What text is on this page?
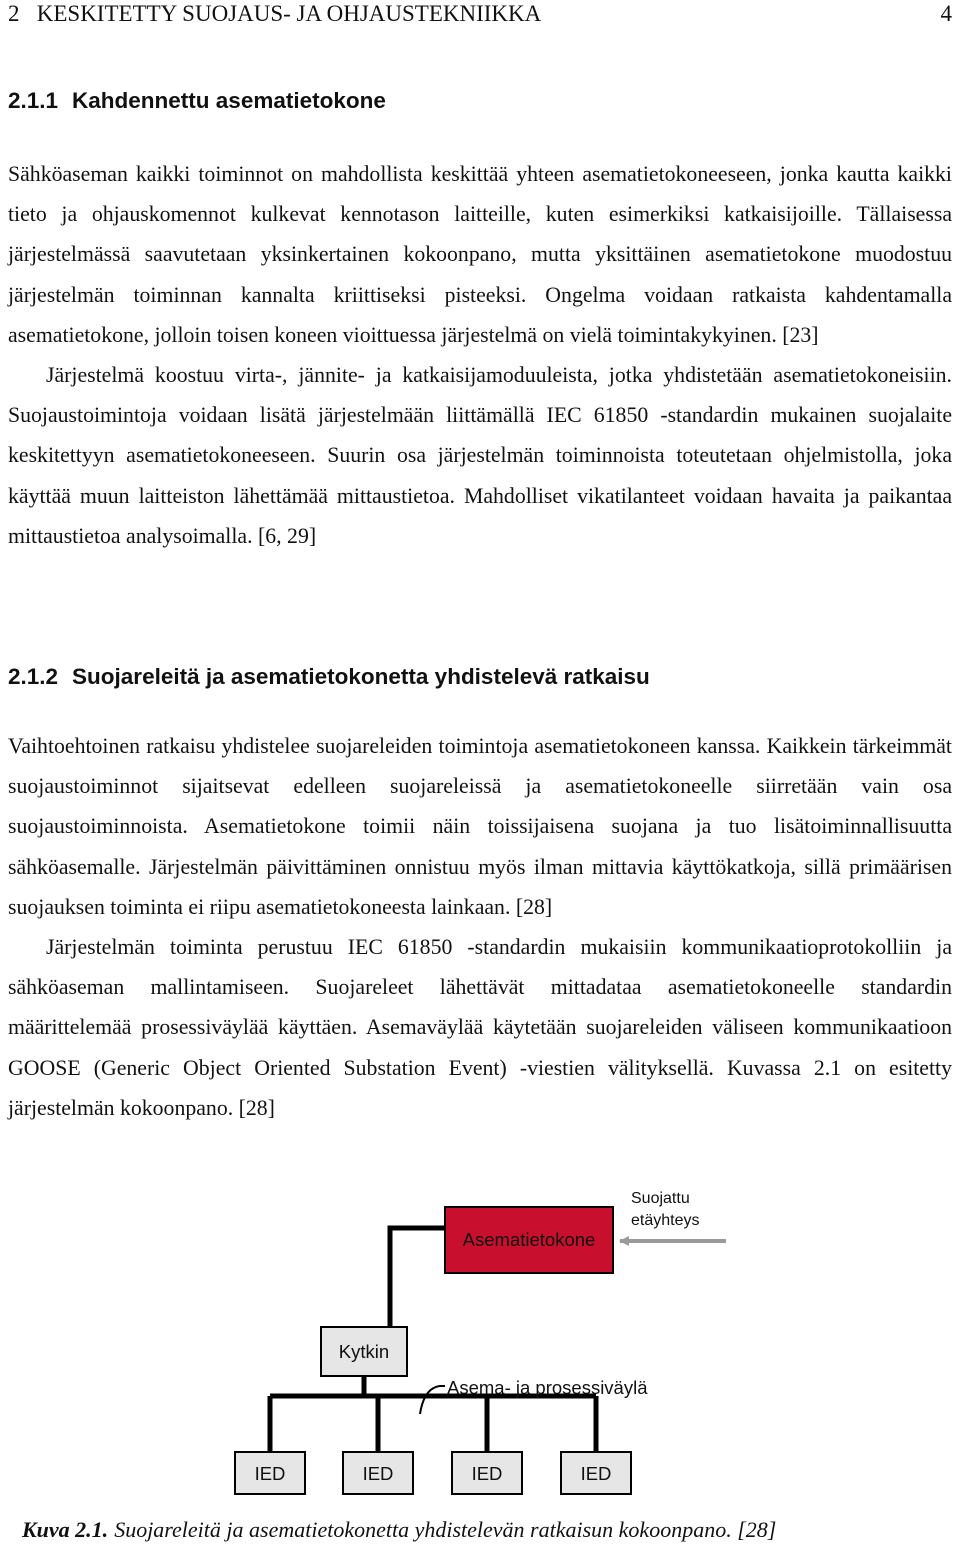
2   KESKITETTY SUOJAUS- JA OHJAUSTEKNIIKKA	4
2.1.1 Kahdennettu asematietokone

Sähköaseman kaikki toiminnot on mahdollista keskittää yhteen asematietokoneeseen, jonka kautta kaikki tieto ja ohjauskomennot kulkevat kennotason laitteille, kuten esimerkiksi katkaisijoille. Tällaisessa järjestelmässä saavutetaan yksinkertainen kokoonpano, mutta yksittäinen asematietokone muodostuu järjestelmän toiminnan kannalta kriittiseksi pisteeksi. Ongelma voidaan ratkaista kahdentamalla asematietokone, jolloin toisen koneen vioittuessa järjestelmä on vielä toimintakykyinen. [23]

Järjestelmä koostuu virta-, jännite- ja katkaisijamoduuleista, jotka yhdistetään asematietokoneisiin. Suojaustoimintoja voidaan lisätä järjestelmään liittämällä IEC 61850 -standardin mukainen suojalaite keskitettyyn asematietokoneeseen. Suurin osa järjestelmän toiminnoista toteutetaan ohjelmistolla, joka käyttää muun laitteiston lähettämää mittaustietoa. Mahdolliset vikatilanteet voidaan havaita ja paikantaa mittaustietoa analysoimalla. [6, 29]

2.1.2 Suojareleitä ja asematietokonetta yhdistelevä ratkaisu

Vaihtoehtoinen ratkaisu yhdistelee suojareleiden toimintoja asematietokoneen kanssa. Kaikkein tärkeimmät suojaustoiminnot sijaitsevat edelleen suojareleissä ja asematietokoneelle siirretään vain osa suojaustoiminnoista. Asematietokone toimii näin toissijaisena suojana ja tuo lisätoiminnallisuutta sähköasemalle. Järjestelmän päivittäminen onnistuu myös ilman mittavia käyttökatkoja, sillä primäärisen suojauksen toiminta ei riipu asematietokoneesta lainkaan. [28]

Järjestelmän toiminta perustuu IEC 61850 -standardin mukaisiin kommunikaatioprotokolliin ja sähköaseman mallintamiseen. Suojareleet lähettävät mittadataa asematietokoneelle standardin määrittelemää prosessiväylää käyttäen. Asemaväylää käytetään suojareleiden väliseen kommunikaatioon GOOSE (Generic Object Oriented Substation Event) -viestien välityksellä. Kuvassa 2.1 on esitetty järjestelmän kokoonpano. [28]

Asematietokone
Suojattu
etäyhteys
Kytkin
Asema- ja prosessiväylä
IED	IED	IED	IED
Kuva 2.1. Suojareleitä ja asematietokonetta yhdistelevän ratkaisun kokoonpano. [28]
